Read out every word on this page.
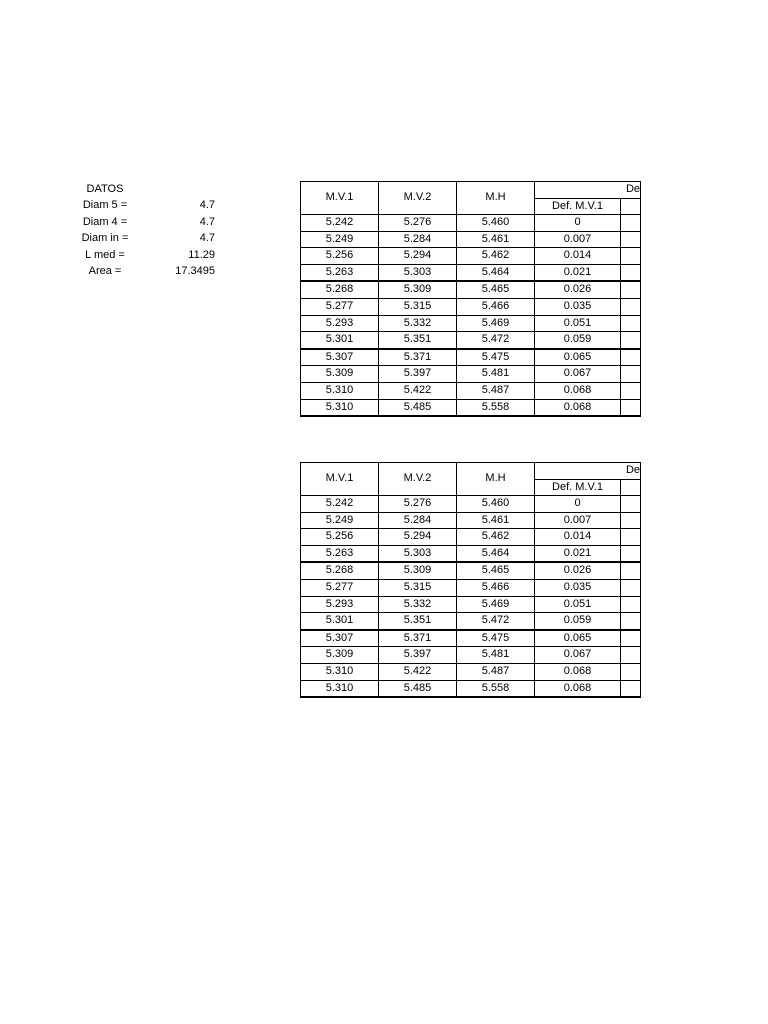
DATOS
Diam 5 =	4.7
Diam 4 =	4.7
Diam in =	4.7
L med =	11.29
Area =	17.3495
M.V.1	M.V.2	M.H	De	
			Def. M.V.1	
5.242	5.276	5.460	0	
5.249	5.284	5.461	0.007	
5.256	5.294	5.462	0.014	
5.263	5.303	5.464	0.021	
5.268	5.309	5.465	0.026	
5.277	5.315	5.466	0.035	
5.293	5.332	5.469	0.051	
5.301	5.351	5.472	0.059	
5.307	5.371	5.475	0.065	
5.309	5.397	5.481	0.067	
5.310	5.422	5.487	0.068	
5.310	5.485	5.558	0.068	
M.V.1	M.V.2	M.H	De	
			Def. M.V.1	
5.242	5.276	5.460	0	
5.249	5.284	5.461	0.007	
5.256	5.294	5.462	0.014	
5.263	5.303	5.464	0.021	
5.268	5.309	5.465	0.026	
5.277	5.315	5.466	0.035	
5.293	5.332	5.469	0.051	
5.301	5.351	5.472	0.059	
5.307	5.371	5.475	0.065	
5.309	5.397	5.481	0.067	
5.310	5.422	5.487	0.068	
5.310	5.485	5.558	0.068	
